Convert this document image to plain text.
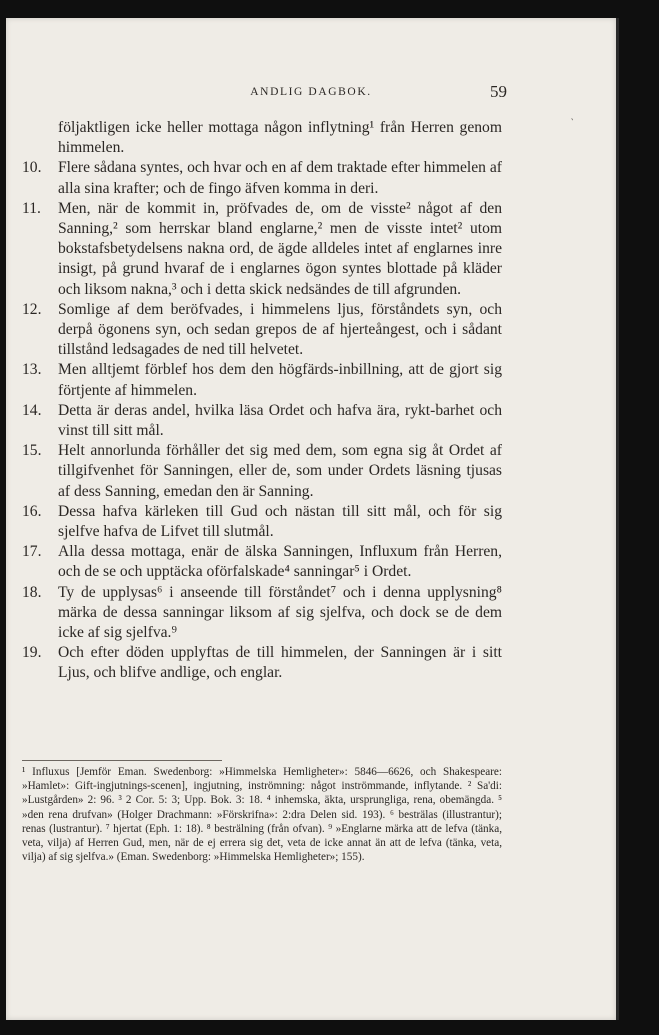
ANDLIG DAGBOK.	59
‵

följaktligen icke heller mottaga någon inflytning¹ från Herren genom himmelen.

10. Flere sådana syntes, och hvar och en af dem traktade efter himmelen af alla sina krafter; och de fingo äfven komma in deri.

11. Men, när de kommit in, pröfvades de, om de visste² något af den Sanning,² som herrskar bland englarne,² men de visste intet² utom bokstafsbetydelsens nakna ord, de ägde alldeles intet af englarnes inre insigt, på grund hvaraf de i englarnes ögon syntes blottade på kläder och liksom nakna,³ och i detta skick nedsändes de till afgrunden.

12. Somlige af dem beröfvades, i himmelens ljus, förståndets syn, och derpå ögonens syn, och sedan grepos de af hjerteångest, och i sådant tillstånd ledsagades de ned till helvetet.

13. Men alltjemt förblef hos dem den högfärds-inbillning, att de gjort sig förtjente af himmelen.

14. Detta är deras andel, hvilka läsa Ordet och hafva ära, rykt-barhet och vinst till sitt mål.

15. Helt annorlunda förhåller det sig med dem, som egna sig åt Ordet af tillgifvenhet för Sanningen, eller de, som under Ordets läsning tjusas af dess Sanning, emedan den är Sanning.

16. Dessa hafva kärleken till Gud och nästan till sitt mål, och för sig sjelfve hafva de Lifvet till slutmål.

17. Alla dessa mottaga, enär de älska Sanningen, Influxum från Herren, och de se och upptäcka oförfalskade⁴ sanningar⁵ i Ordet.

18. Ty de upplysas⁶ i anseende till förståndet⁷ och i denna upplysning⁸ märka de dessa sanningar liksom af sig sjelfva, och dock se de dem icke af sig sjelfva.⁹

19. Och efter döden upplyftas de till himmelen, der Sanningen är i sitt Ljus, och blifve andlige, och englar.

¹ Influxus [Jemför Eman. Swedenborg: »Himmelska Hemligheter»: 5846—6626, och Shakespeare: »Hamlet»: Gift-ingjutnings-scenen], ingjutning, inströmning: något inströmmande, inflytande. ² Sa'di: »Lustgården» 2: 96. ³ 2 Cor. 5: 3; Upp. Bok. 3: 18. ⁴ inhemska, äkta, ursprungliga, rena, obemängda. ⁵ »den rena drufvan» (Holger Drachmann: »Förskrifna»: 2:dra Delen sid. 193). ⁶ besträlas (illustrantur); renas (lustrantur). ⁷ hjertat (Eph. 1: 18). ⁸ besträlning (från ofvan). ⁹ »Englarne märka att de lefva (tänka, veta, vilja) af Herren Gud, men, när de ej errera sig det, veta de icke annat än att de lefva (tänka, veta, vilja) af sig sjelfva.» (Eman. Swedenborg: »Himmelska Hemligheter»; 155).
